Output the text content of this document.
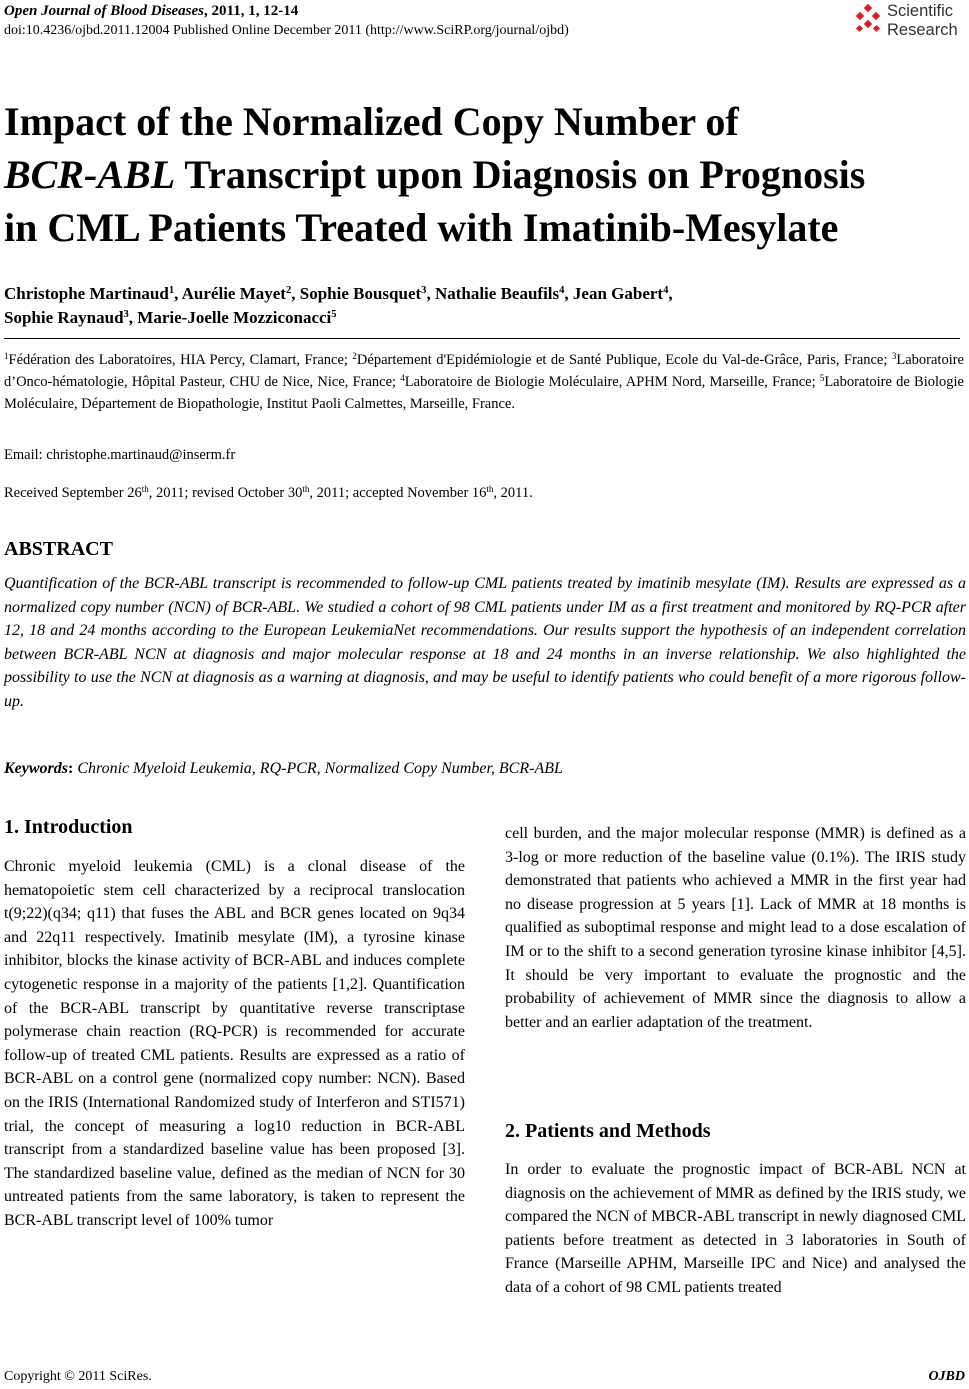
Open Journal of Blood Diseases, 2011, 1, 12-14
doi:10.4236/ojbd.2011.12004 Published Online December 2011 (http://www.SciRP.org/journal/ojbd)
Scientific
Research
Impact of the Normalized Copy Number of
BCR-ABL Transcript upon Diagnosis on Prognosis
in CML Patients Treated with Imatinib-Mesylate
Christophe Martinaud$^1$, Aurélie Mayet$^2$, Sophie Bousquet$^3$, Nathalie Beaufils$^4$, Jean Gabert$^4$,
Sophie Raynaud$^3$, Marie-Joelle Mozziconacci$^5$
$^1$Fédération des Laboratoires, HIA Percy, Clamart, France; $^2$Département d'Epidémiologie et de Santé Publique, Ecole du Val-de-Grâce, Paris, France; $^3$Laboratoire d’Onco-hématologie, Hôpital Pasteur, CHU de Nice, Nice, France; $^4$Laboratoire de Biologie Moléculaire, APHM Nord, Marseille, France; $^5$Laboratoire de Biologie Moléculaire, Département de Biopathologie, Institut Paoli Calmettes, Marseille, France.
Email: christophe.martinaud@inserm.fr
Received September 26th, 2011; revised October 30th, 2011; accepted November 16th, 2011.
ABSTRACT
Quantification of the BCR-ABL transcript is recommended to follow-up CML patients treated by imatinib mesylate (IM). Results are expressed as a normalized copy number (NCN) of BCR-ABL. We studied a cohort of 98 CML patients under IM as a first treatment and monitored by RQ-PCR after 12, 18 and 24 months according to the European LeukemiaNet recommendations. Our results support the hypothesis of an independent correlation between BCR-ABL NCN at diagnosis and major molecular response at 18 and 24 months in an inverse relationship. We also highlighted the possibility to use the NCN at diagnosis as a warning at diagnosis, and may be useful to identify patients who could benefit of a more rigorous follow-up.
Keywords: Chronic Myeloid Leukemia, RQ-PCR, Normalized Copy Number, BCR-ABL
1. Introduction
Chronic myeloid leukemia (CML) is a clonal disease of the hematopoietic stem cell characterized by a reciprocal translocation t(9;22)(q34; q11) that fuses the ABL and BCR genes located on 9q34 and 22q11 respectively. Imatinib mesylate (IM), a tyrosine kinase inhibitor, blocks the kinase activity of BCR-ABL and induces complete cytogenetic response in a majority of the patients [1,2]. Quantification of the BCR-ABL transcript by quantitative reverse transcriptase polymerase chain reaction (RQ-PCR) is recommended for accurate follow-up of treated CML patients. Results are expressed as a ratio of BCR-ABL on a control gene (normalized copy number: NCN). Based on the IRIS (International Randomized study of Interferon and STI571) trial, the concept of measuring a log10 reduction in BCR-ABL transcript from a standardized baseline value has been proposed [3]. The standardized baseline value, defined as the median of NCN for 30 untreated patients from the same laboratory, is taken to represent the BCR-ABL transcript level of 100% tumor
cell burden, and the major molecular response (MMR) is defined as a 3-log or more reduction of the baseline value (0.1%). The IRIS study demonstrated that patients who achieved a MMR in the first year had no disease progression at 5 years [1]. Lack of MMR at 18 months is qualified as suboptimal response and might lead to a dose escalation of IM or to the shift to a second generation tyrosine kinase inhibitor [4,5]. It should be very important to evaluate the prognostic and the probability of achievement of MMR since the diagnosis to allow a better and an earlier adaptation of the treatment.
2. Patients and Methods
In order to evaluate the prognostic impact of BCR-ABL NCN at diagnosis on the achievement of MMR as defined by the IRIS study, we compared the NCN of MBCR-ABL transcript in newly diagnosed CML patients before treatment as detected in 3 laboratories in South of France (Marseille APHM, Marseille IPC and Nice) and analysed the data of a cohort of 98 CML patients treated
Copyright © 2011 SciRes.	OJBD
